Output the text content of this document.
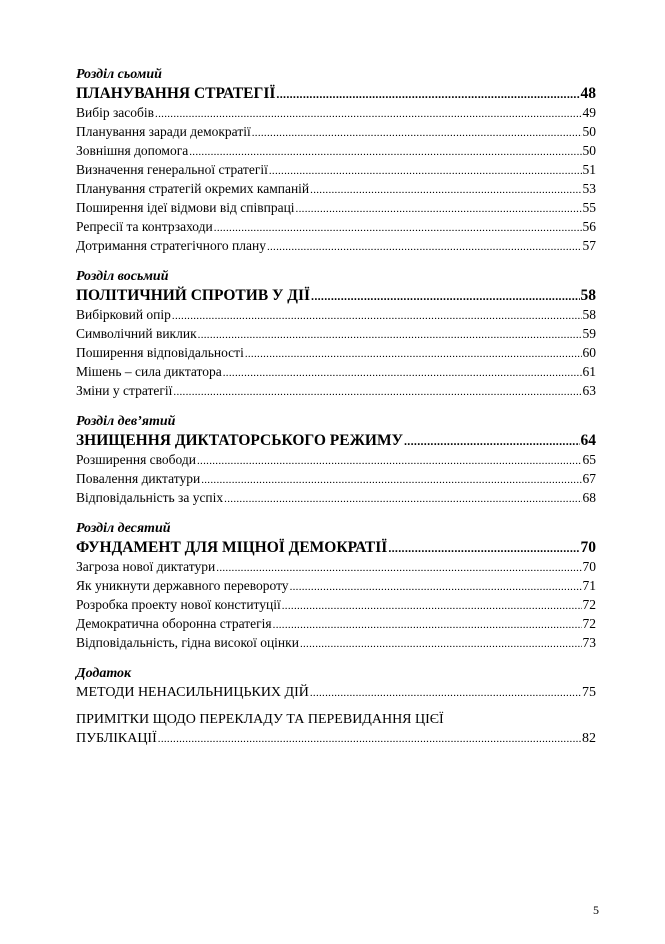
Розділ сьомий
ПЛАНУВАННЯ СТРАТЕГІЇ .....	48
Вибір засобів .....	49
Планування заради демократії .....	50
Зовнішня допомога .....	50
Визначення генеральної стратегії .....	51
Планування стратегій окремих кампаній .....	53
Поширення ідеї відмови від співпраці .....	55
Репресії та контрзаходи .....	56
Дотримання стратегічного плану .....	57
Розділ восьмий
ПОЛІТИЧНИЙ СПРОТИВ У ДІЇ .....	58
Вибірковий опір .....	58
Символічний виклик .....	59
Поширення відповідальності .....	60
Мішень – сила диктатора .....	61
Зміни у стратегії .....	63
Розділ дев’ятий
ЗНИЩЕННЯ ДИКТАТОРСЬКОГО РЕЖИМУ .....	64
Розширення свободи .....	65
Повалення диктатури .....	67
Відповідальність за успіх .....	68
Розділ десятий
ФУНДАМЕНТ ДЛЯ МІЦНОЇ ДЕМОКРАТІЇ .....	70
Загроза нової диктатури .....	70
Як уникнути державного перевороту .....	71
Розробка проекту нової конституції .....	72
Демократична оборонна стратегія .....	72
Відповідальність, гідна високої оцінки .....	73
Додаток
МЕТОДИ НЕНАСИЛЬНИЦЬКИХ ДІЙ .....	75
ПРИМІТКИ ЩОДО ПЕРЕКЛАДУ ТА ПЕРЕВИДАННЯ ЦІЄЇ
ПУБЛІКАЦІЇ .....	82
5
